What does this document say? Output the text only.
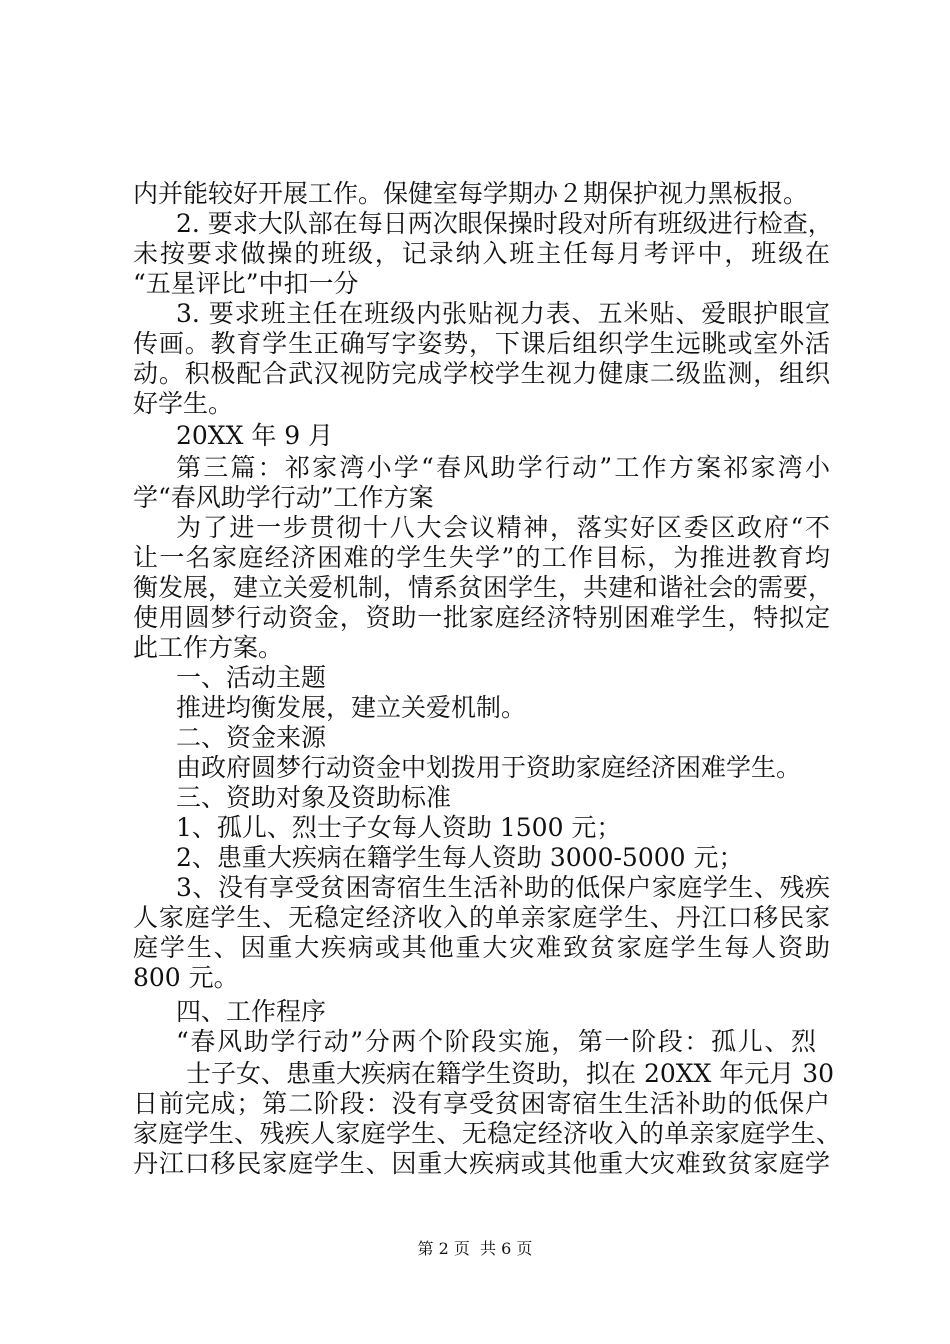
内并能较好开展工作。保健室每学期办２期保护视力黑板报。
2. 要求大队部在每日两次眼保操时段对所有班级进行检查，
未按要求做操的班级，记录纳入班主任每月考评中，班级在
“五星评比”中扣一分
3. 要求班主任在班级内张贴视力表、五米贴、爱眼护眼宣
传画。教育学生正确写字姿势，下课后组织学生远眺或室外活
动。积极配合武汉视防完成学校学生视力健康二级监测，组织
好学生。
20XX 年 9 月
第三篇：祁家湾小学“春风助学行动”工作方案祁家湾小
学“春风助学行动”工作方案
为了进一步贯彻十八大会议精神，落实好区委区政府“不
让一名家庭经济困难的学生失学”的工作目标，为推进教育均
衡发展，建立关爱机制，情系贫困学生，共建和谐社会的需要，
使用圆梦行动资金，资助一批家庭经济特别困难学生，特拟定
此工作方案。
一、活动主题
推进均衡发展，建立关爱机制。
二、资金来源
由政府圆梦行动资金中划拨用于资助家庭经济困难学生。
三、资助对象及资助标准
1、孤儿、烈士子女每人资助 1500 元；
2、患重大疾病在籍学生每人资助 3000-5000 元；
3、没有享受贫困寄宿生生活补助的低保户家庭学生、残疾
人家庭学生、无稳定经济收入的单亲家庭学生、丹江口移民家
庭学生、因重大疾病或其他重大灾难致贫家庭学生每人资助
800 元。
四、工作程序
“春风助学行动”分两个阶段实施，第一阶段：孤儿、烈
士子女、患重大疾病在籍学生资助，拟在 20XX 年元月 30
日前完成；第二阶段：没有享受贫困寄宿生生活补助的低保户
家庭学生、残疾人家庭学生、无稳定经济收入的单亲家庭学生、
丹江口移民家庭学生、因重大疾病或其他重大灾难致贫家庭学
第 2 页  共 6 页
